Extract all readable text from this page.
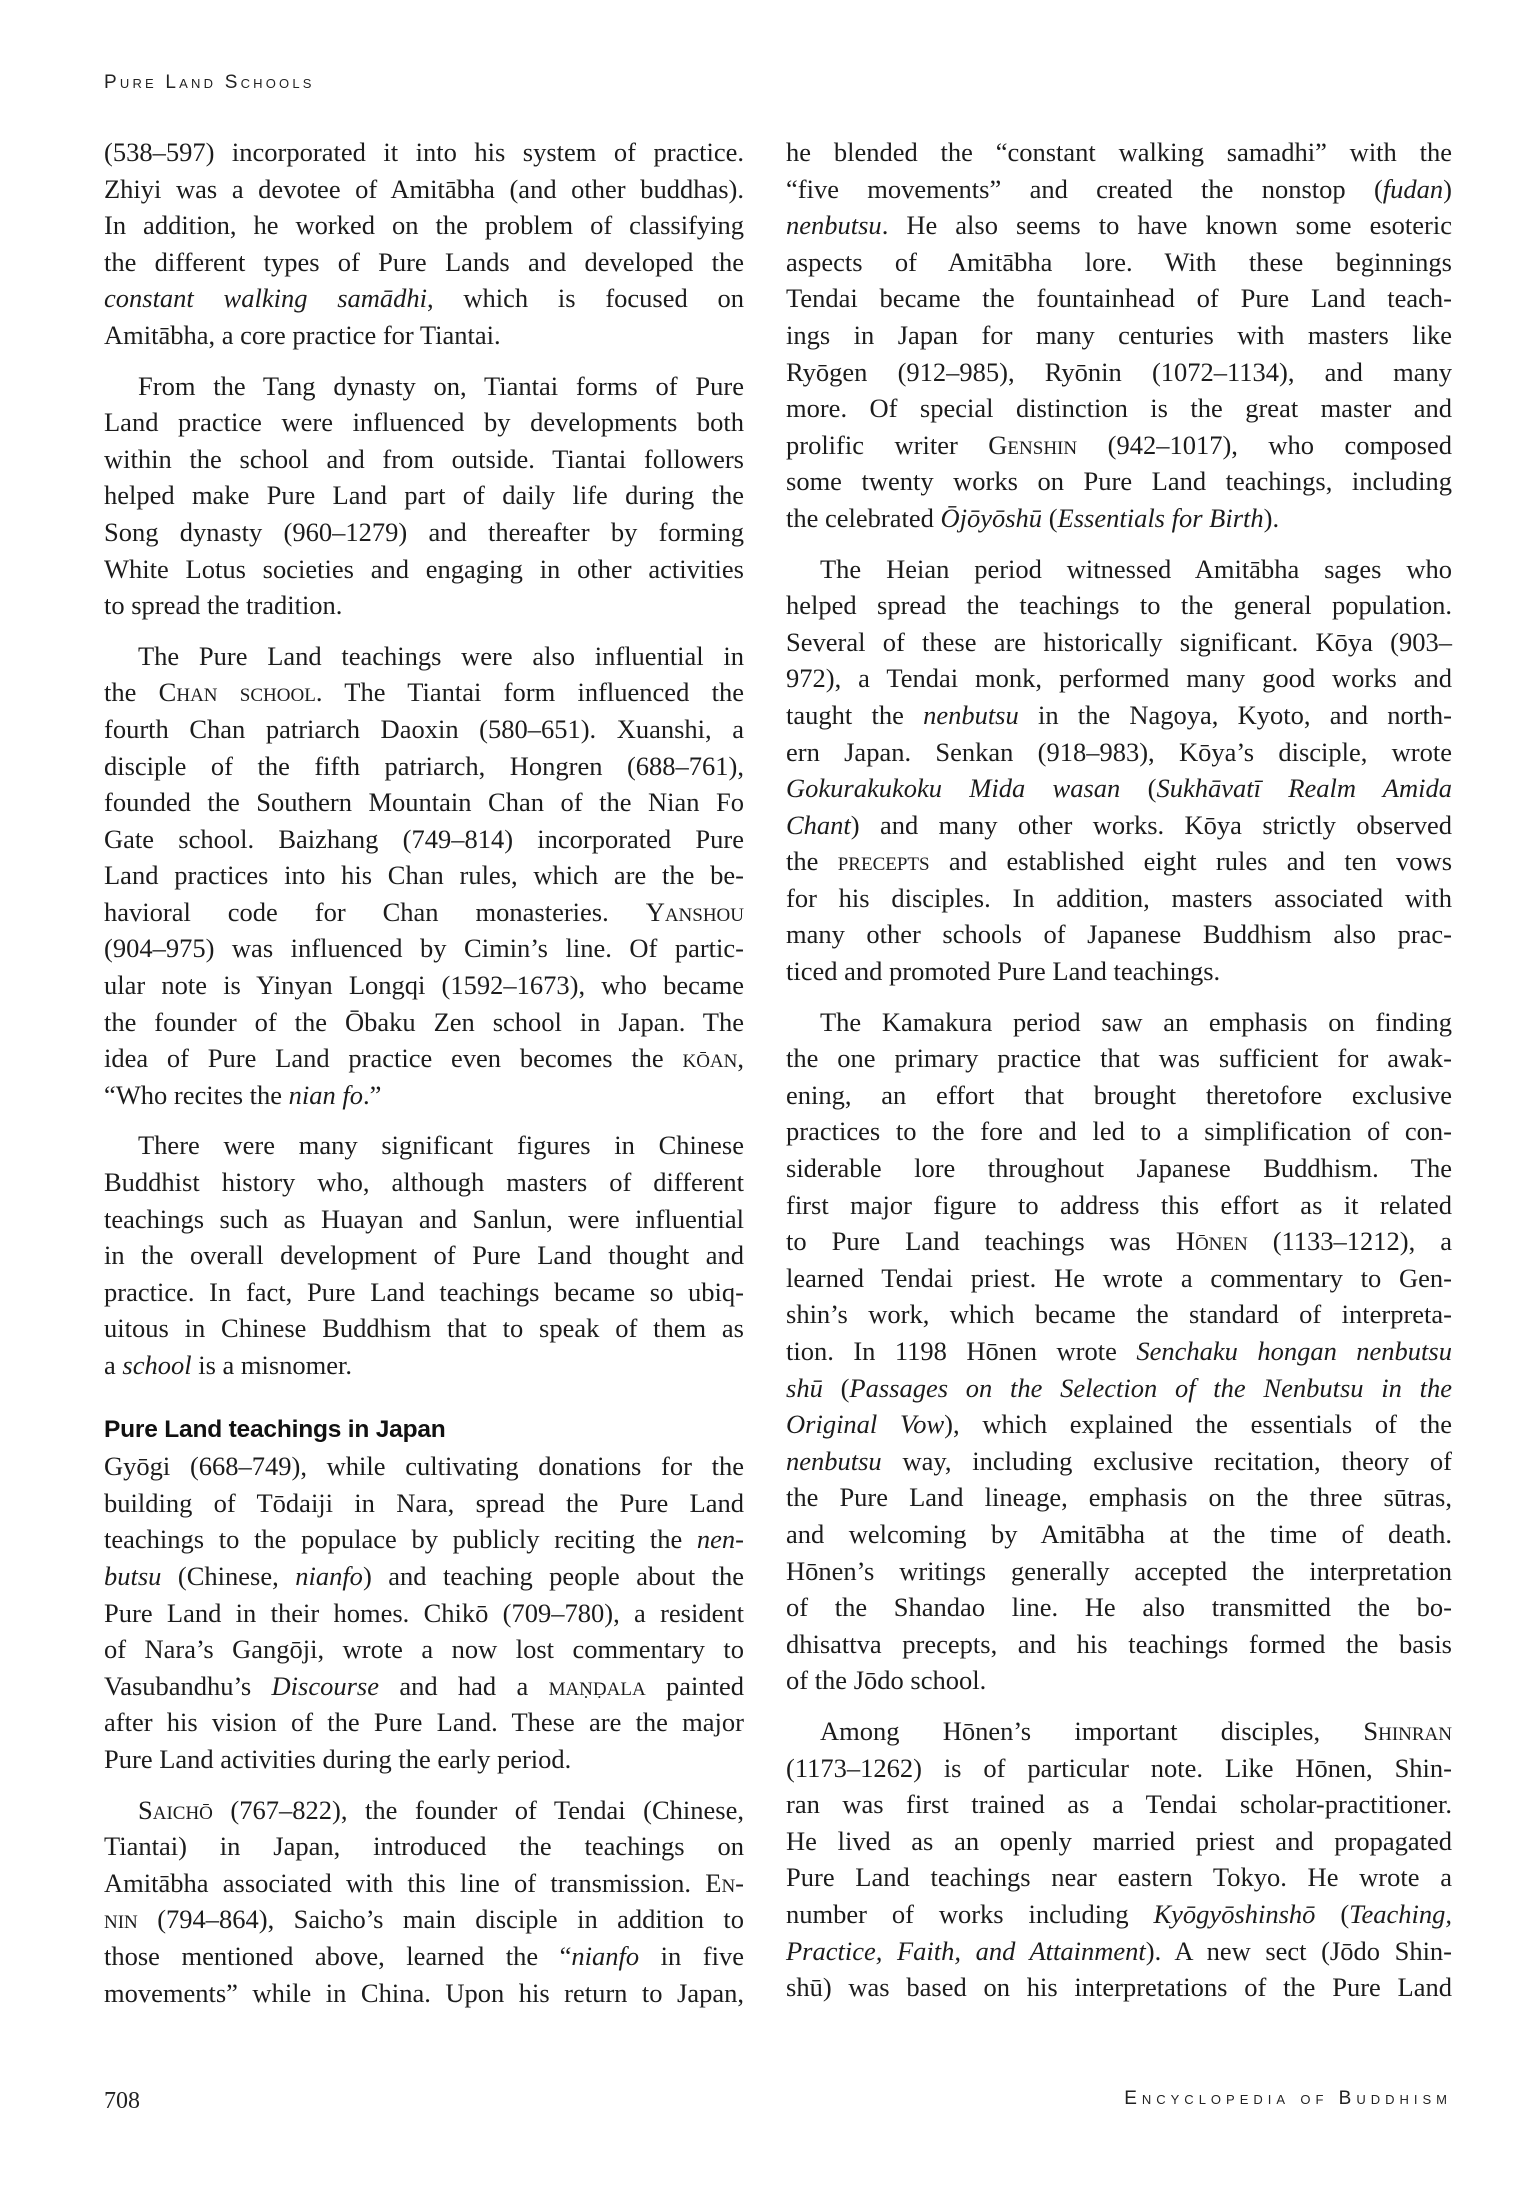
Pure Land Schools
(538–597) incorporated it into his system of practice.
Zhiyi was a devotee of Amitābha (and other buddhas).
In addition, he worked on the problem of classifying
the different types of Pure Lands and developed the
constant walking samādhi, which is focused on
Amitābha, a core practice for Tiantai.
From the Tang dynasty on, Tiantai forms of Pure
Land practice were influenced by developments both
within the school and from outside. Tiantai followers
helped make Pure Land part of daily life during the
Song dynasty (960–1279) and thereafter by forming
White Lotus societies and engaging in other activities
to spread the tradition.
The Pure Land teachings were also influential in
the Chan school. The Tiantai form influenced the
fourth Chan patriarch Daoxin (580–651). Xuanshi, a
disciple of the fifth patriarch, Hongren (688–761),
founded the Southern Mountain Chan of the Nian Fo
Gate school. Baizhang (749–814) incorporated Pure
Land practices into his Chan rules, which are the be-
havioral code for Chan monasteries. Yanshou
(904–975) was influenced by Cimin’s line. Of partic-
ular note is Yinyan Longqi (1592–1673), who became
the founder of the Ōbaku Zen school in Japan. The
idea of Pure Land practice even becomes the kōan,
“Who recites the nian fo.”
There were many significant figures in Chinese
Buddhist history who, although masters of different
teachings such as Huayan and Sanlun, were influential
in the overall development of Pure Land thought and
practice. In fact, Pure Land teachings became so ubiq-
uitous in Chinese Buddhism that to speak of them as
a school is a misnomer.
Pure Land teachings in Japan
Gyōgi (668–749), while cultivating donations for the
building of Tōdaiji in Nara, spread the Pure Land
teachings to the populace by publicly reciting the nen-
butsu (Chinese, nianfo) and teaching people about the
Pure Land in their homes. Chikō (709–780), a resident
of Nara’s Gangōji, wrote a now lost commentary to
Vasubandhu’s Discourse and had a maṇḍala painted
after his vision of the Pure Land. These are the major
Pure Land activities during the early period.
Saichō (767–822), the founder of Tendai (Chinese,
Tiantai) in Japan, introduced the teachings on
Amitābha associated with this line of transmission. En-
nin (794–864), Saicho’s main disciple in addition to
those mentioned above, learned the “nianfo in five
movements” while in China. Upon his return to Japan,
he blended the “constant walking samadhi” with the
“five movements” and created the nonstop (fudan)
nenbutsu. He also seems to have known some esoteric
aspects of Amitābha lore. With these beginnings
Tendai became the fountainhead of Pure Land teach-
ings in Japan for many centuries with masters like
Ryōgen (912–985), Ryōnin (1072–1134), and many
more. Of special distinction is the great master and
prolific writer Genshin (942–1017), who composed
some twenty works on Pure Land teachings, including
the celebrated Ōjōyōshū (Essentials for Birth).
The Heian period witnessed Amitābha sages who
helped spread the teachings to the general population.
Several of these are historically significant. Kōya (903–
972), a Tendai monk, performed many good works and
taught the nenbutsu in the Nagoya, Kyoto, and north-
ern Japan. Senkan (918–983), Kōya’s disciple, wrote
Gokurakukoku Mida wasan (Sukhāvatī Realm Amida
Chant) and many other works. Kōya strictly observed
the precepts and established eight rules and ten vows
for his disciples. In addition, masters associated with
many other schools of Japanese Buddhism also prac-
ticed and promoted Pure Land teachings.
The Kamakura period saw an emphasis on finding
the one primary practice that was sufficient for awak-
ening, an effort that brought theretofore exclusive
practices to the fore and led to a simplification of con-
siderable lore throughout Japanese Buddhism. The
first major figure to address this effort as it related
to Pure Land teachings was Hōnen (1133–1212), a
learned Tendai priest. He wrote a commentary to Gen-
shin’s work, which became the standard of interpreta-
tion. In 1198 Hōnen wrote Senchaku hongan nenbutsu
shū (Passages on the Selection of the Nenbutsu in the
Original Vow), which explained the essentials of the
nenbutsu way, including exclusive recitation, theory of
the Pure Land lineage, emphasis on the three sūtras,
and welcoming by Amitābha at the time of death.
Hōnen’s writings generally accepted the interpretation
of the Shandao line. He also transmitted the bo-
dhisattva precepts, and his teachings formed the basis
of the Jōdo school.
Among Hōnen’s important disciples, Shinran
(1173–1262) is of particular note. Like Hōnen, Shin-
ran was first trained as a Tendai scholar-practitioner.
He lived as an openly married priest and propagated
Pure Land teachings near eastern Tokyo. He wrote a
number of works including Kyōgyōshinshō (Teaching,
Practice, Faith, and Attainment). A new sect (Jōdo Shin-
shū) was based on his interpretations of the Pure Land
708	Encyclopedia of Buddhism
